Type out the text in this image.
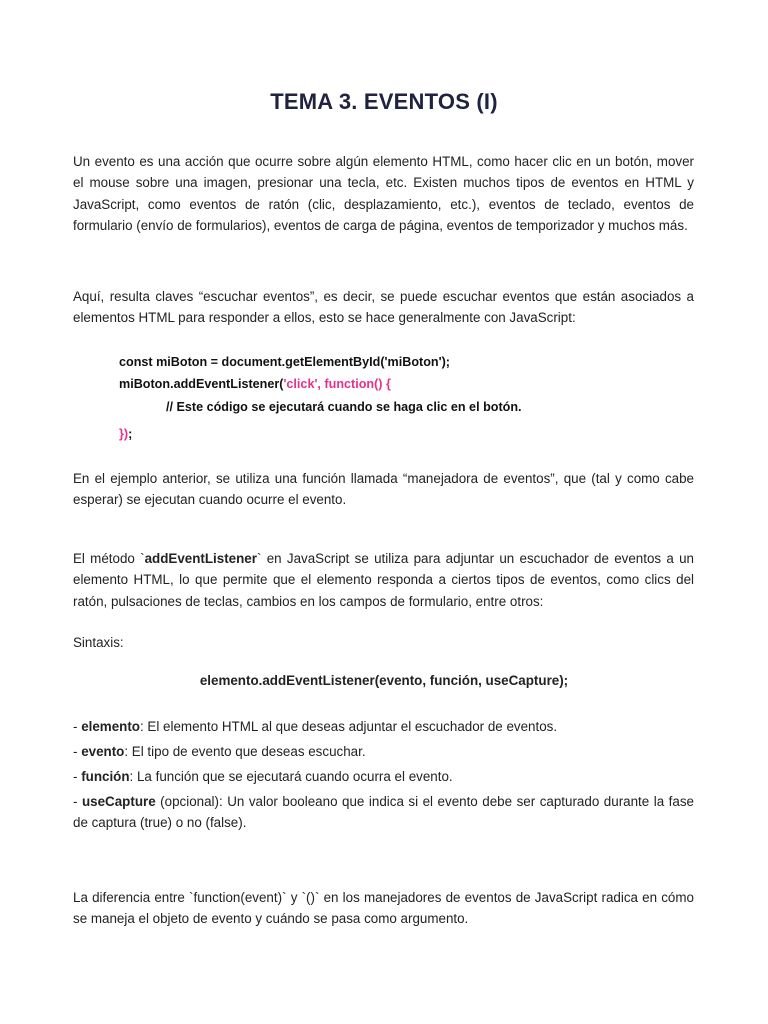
TEMA 3. EVENTOS (I)

Un evento es una acción que ocurre sobre algún elemento HTML, como hacer clic en un botón, mover el mouse sobre una imagen, presionar una tecla, etc. Existen muchos tipos de eventos en HTML y JavaScript, como eventos de ratón (clic, desplazamiento, etc.), eventos de teclado, eventos de formulario (envío de formularios), eventos de carga de página, eventos de temporizador y muchos más.

Aquí, resulta claves “escuchar eventos”, es decir, se puede escuchar eventos que están asociados a elementos HTML para responder a ellos, esto se hace generalmente con JavaScript:

const miBoton = document.getElementById('miBoton');

miBoton.addEventListener('click', function() {

// Este código se ejecutará cuando se haga clic en el botón.

});

En el ejemplo anterior, se utiliza una función llamada “manejadora de eventos”, que (tal y como cabe esperar) se ejecutan cuando ocurre el evento.

El método `addEventListener` en JavaScript se utiliza para adjuntar un escuchador de eventos a un elemento HTML, lo que permite que el elemento responda a ciertos tipos de eventos, como clics del ratón, pulsaciones de teclas, cambios en los campos de formulario, entre otros:

Sintaxis:

elemento.addEventListener(evento, función, useCapture);

- elemento: El elemento HTML al que deseas adjuntar el escuchador de eventos.

- evento: El tipo de evento que deseas escuchar.

- función: La función que se ejecutará cuando ocurra el evento.

- useCapture (opcional): Un valor booleano que indica si el evento debe ser capturado durante la fase de captura (true) o no (false).

La diferencia entre `function(event)` y `()` en los manejadores de eventos de JavaScript radica en cómo se maneja el objeto de evento y cuándo se pasa como argumento.
